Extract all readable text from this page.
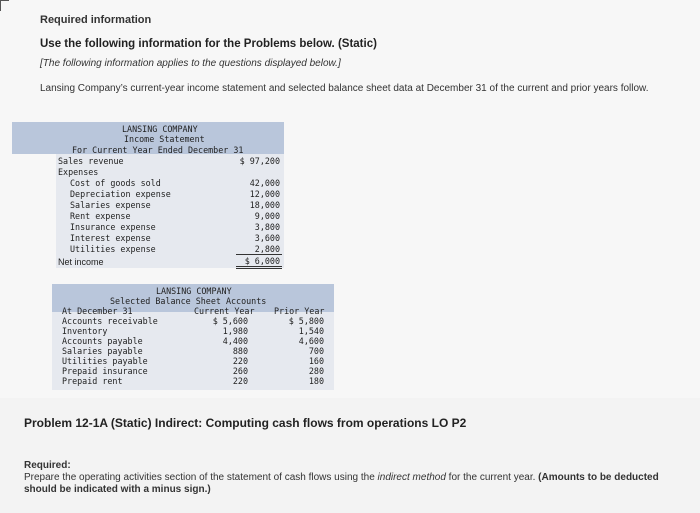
Required information
Use the following information for the Problems below. (Static)
[The following information applies to the questions displayed below.]
Lansing Company’s current-year income statement and selected balance sheet data at December 31 of the current and prior years follow.
LANSING COMPANY
Income Statement
For Current Year Ended December 31
Sales revenue	$ 97,200
Expenses
Cost of goods sold	42,000
Depreciation expense	12,000
Salaries expense	18,000
Rent expense	9,000
Insurance expense	3,800
Interest expense	3,600
Utilities expense	2,800
Net income	$ 6,000
LANSING COMPANY
Selected Balance Sheet Accounts
At December 31	Current Year Prior Year
Accounts receivable	$ 5,600	$ 5,800
Inventory	1,980	1,540
Accounts payable	4,400	4,600
Salaries payable	880	700
Utilities payable	220	160
Prepaid insurance	260	280
Prepaid rent	220	180
Problem 12-1A (Static) Indirect: Computing cash flows from operations LO P2
Required:
Prepare the operating activities section of the statement of cash flows using the indirect method for the current year. (Amounts to be deducted should be indicated with a minus sign.)
